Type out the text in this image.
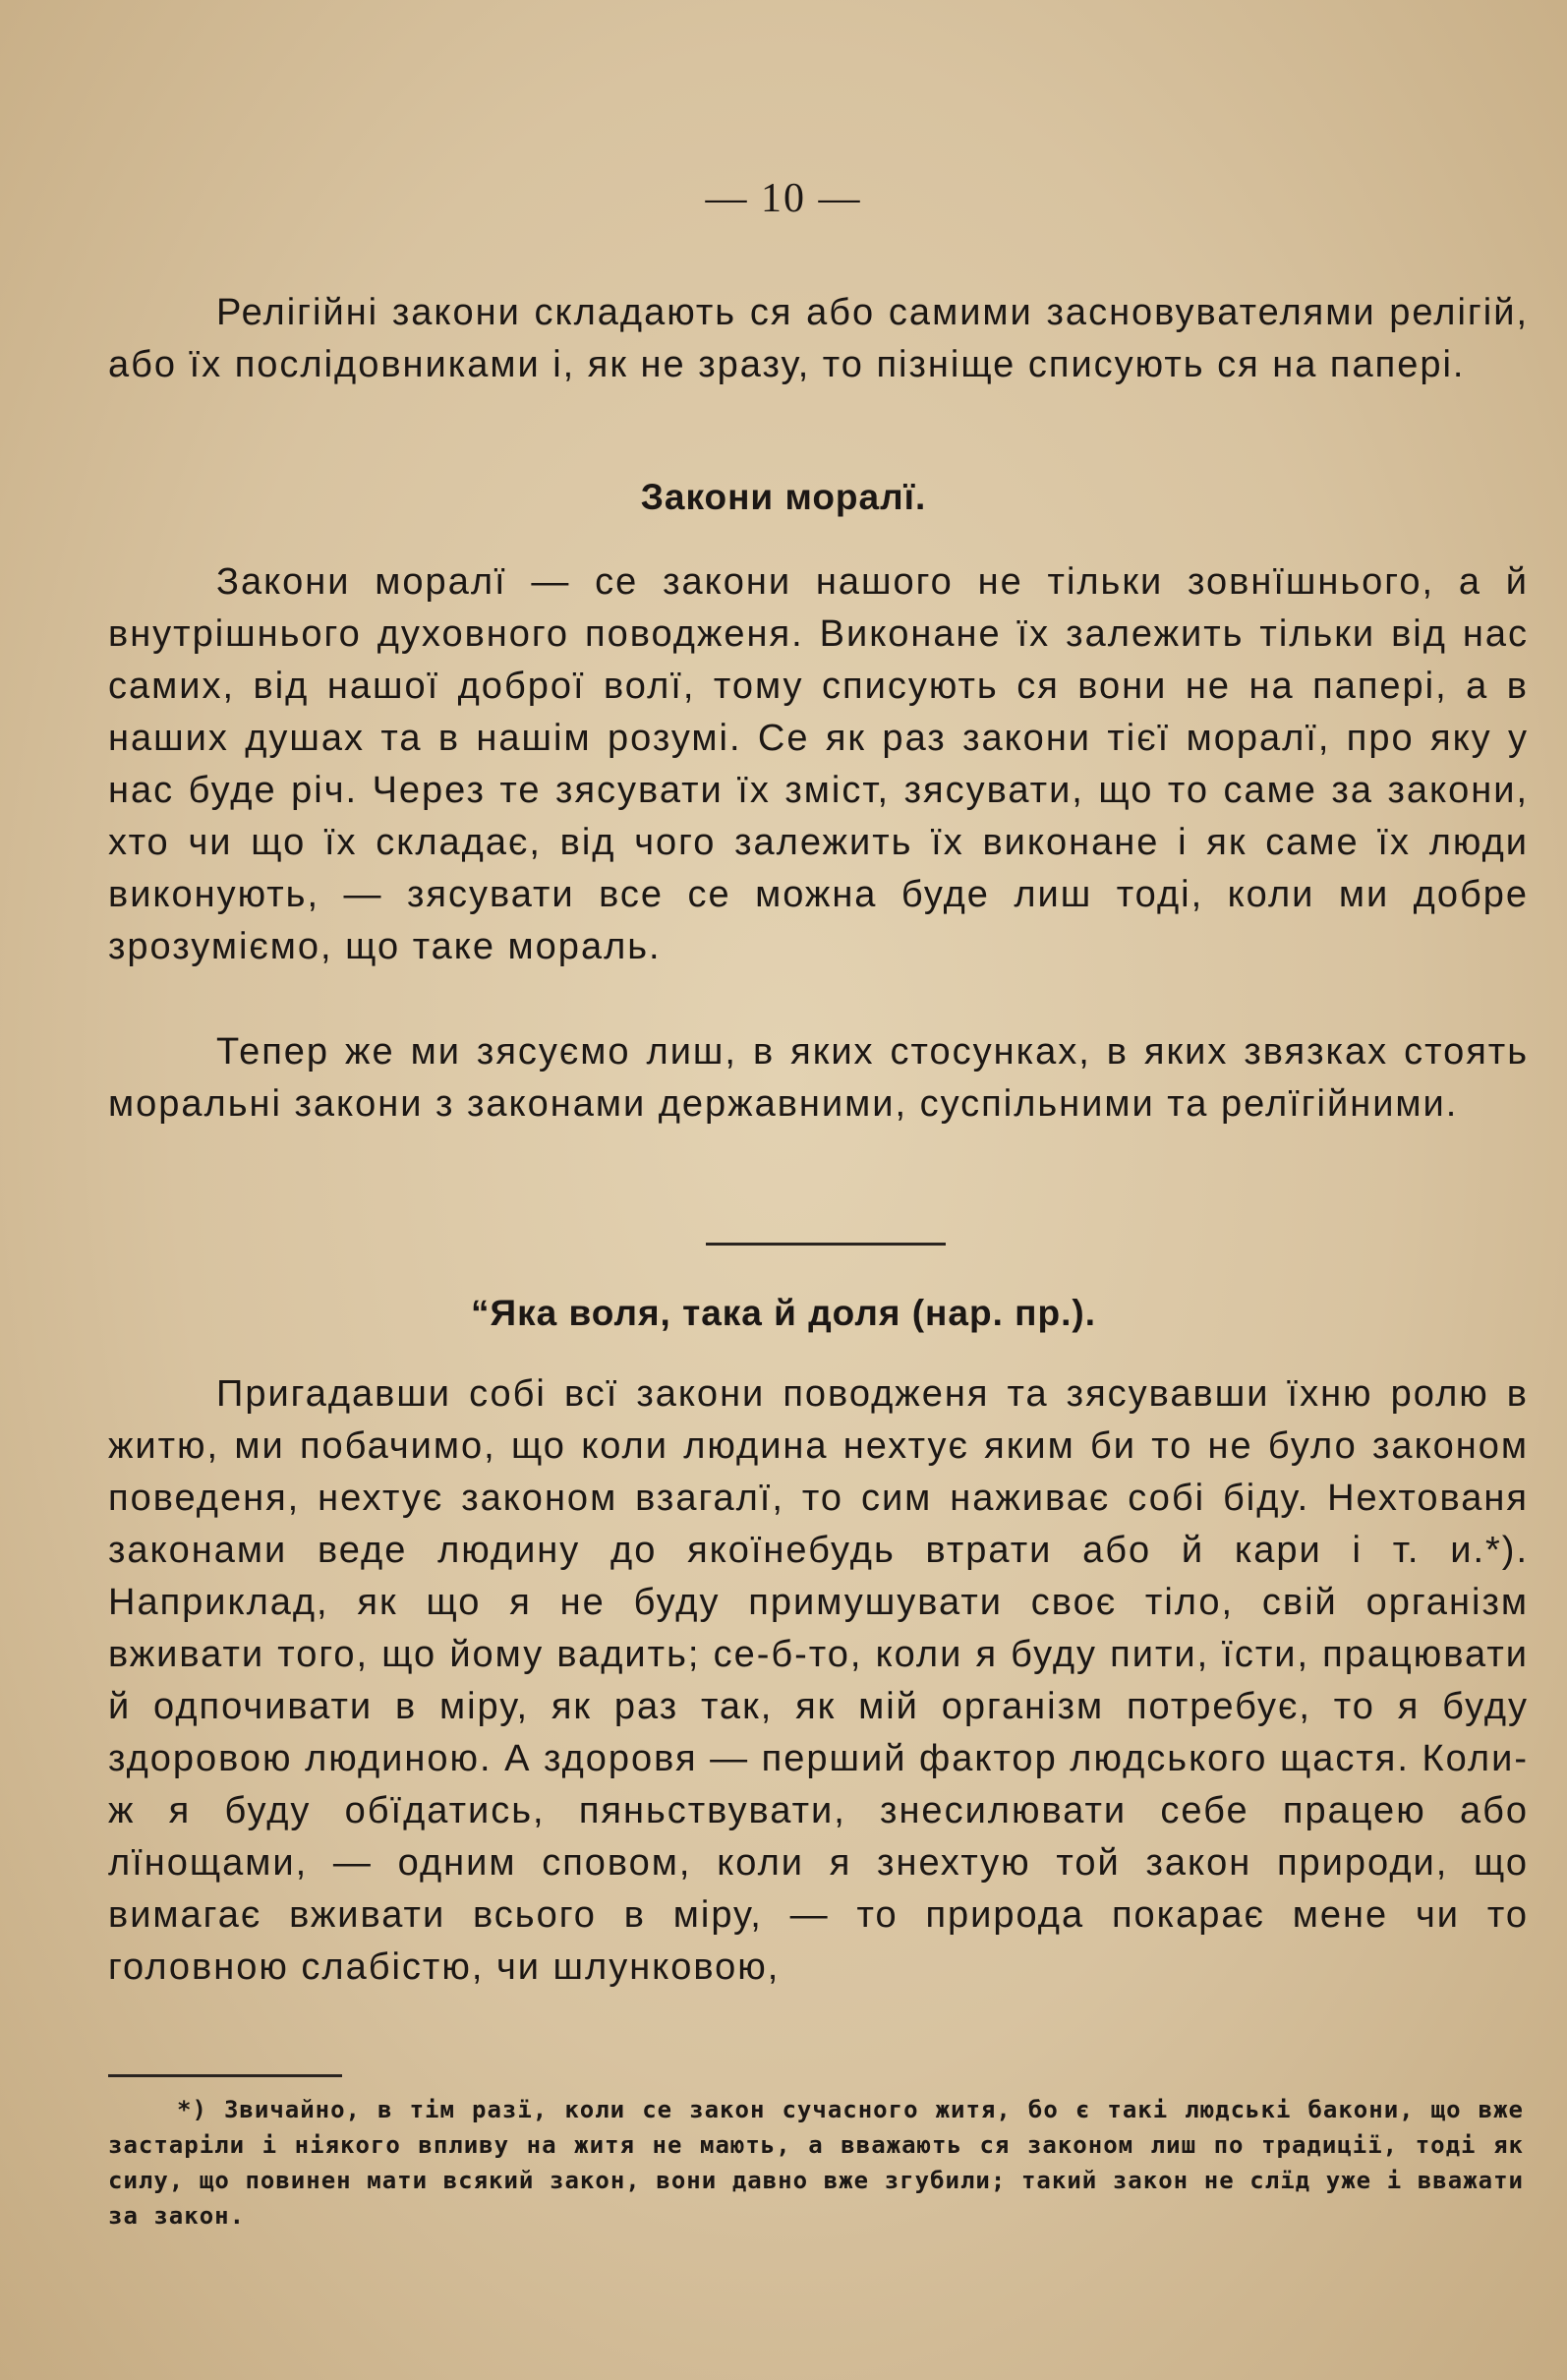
— 10 —

Релігійні закони складають ся або самими засновувателями релігій, або їх послідовниками і, як не зразу, то пізніще списують ся на папері.

Закони моралї.

Закони моралї — се закони нашого не тільки зовнїшнього, а й внутрішнього духовного поводженя. Виконане їх залежить тільки від нас самих, від нашої доброї волї, тому списують ся вони не на папері, а в наших душах та в нашім розумі. Се як раз закони тієї моралї, про яку у нас буде річ. Через те зясувати їх зміст, зясувати, що то саме за закони, хто чи що їх складає, від чого залежить їх виконане і як саме їх люди виконують, — зясувати все се можна буде лиш тоді, коли ми добре зрозуміємо, що таке мораль.

Тепер же ми зясуємо лиш, в яких стосунках, в яких звязках стоять моральні закони з законами державними, суспільними та релїгійними.

“Яка воля, така й доля (нар. пр.).

Пригадавши собі всї закони поводженя та зясувавши їхню ролю в житю, ми побачимо, що коли людина нехтує яким би то не було законом поведеня, нехтує законом взагалї, то сим наживає собі біду. Нехтованя законами веде людину до якоїнебудь втрати або й кари і т. и.*). Наприклад, як що я не буду примушувати своє тіло, свій організм вживати того, що йому вадить; се-б-то, коли я буду пити, їсти, працювати й одпочивати в міру, як раз так, як мій організм потребує, то я буду здоровою людиною. А здоровя — перший фактор людського щастя. Коли-ж я буду обїдатись, пяньствувати, знесилювати себе працею або лїнощами, — одним сповом, коли я знехтую той закон природи, що вимагає вживати всього в міру, — то природа покарає мене чи то головною слабістю, чи шлунковою,

*) Звичайно, в тім разї, коли се закон сучасного житя, бо є такі людські бакони, що вже застаріли і ніякого впливу на житя не мають, а вважають ся законом лиш по традиції, тоді як силу, що повинен мати всякий закон, вони давно вже згубили; такий закон не слїд уже і вважати за закон.
